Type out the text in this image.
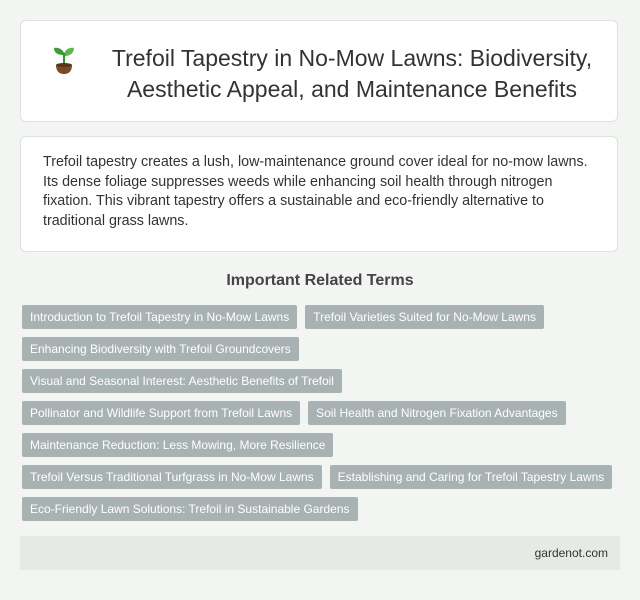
Trefoil Tapestry in No-Mow Lawns: Biodiversity, Aesthetic Appeal, and Maintenance Benefits

Trefoil tapestry creates a lush, low-maintenance ground cover ideal for no-mow lawns. Its dense foliage suppresses weeds while enhancing soil health through nitrogen fixation. This vibrant tapestry offers a sustainable and eco-friendly alternative to traditional grass lawns.

Important Related Terms
Introduction to Trefoil Tapestry in No-Mow Lawns	Trefoil Varieties Suited for No-Mow Lawns
Enhancing Biodiversity with Trefoil Groundcovers
Visual and Seasonal Interest: Aesthetic Benefits of Trefoil
Pollinator and Wildlife Support from Trefoil Lawns	Soil Health and Nitrogen Fixation Advantages
Maintenance Reduction: Less Mowing, More Resilience
Trefoil Versus Traditional Turfgrass in No-Mow Lawns	Establishing and Caring for Trefoil Tapestry Lawns
Eco-Friendly Lawn Solutions: Trefoil in Sustainable Gardens
gardenot.com
